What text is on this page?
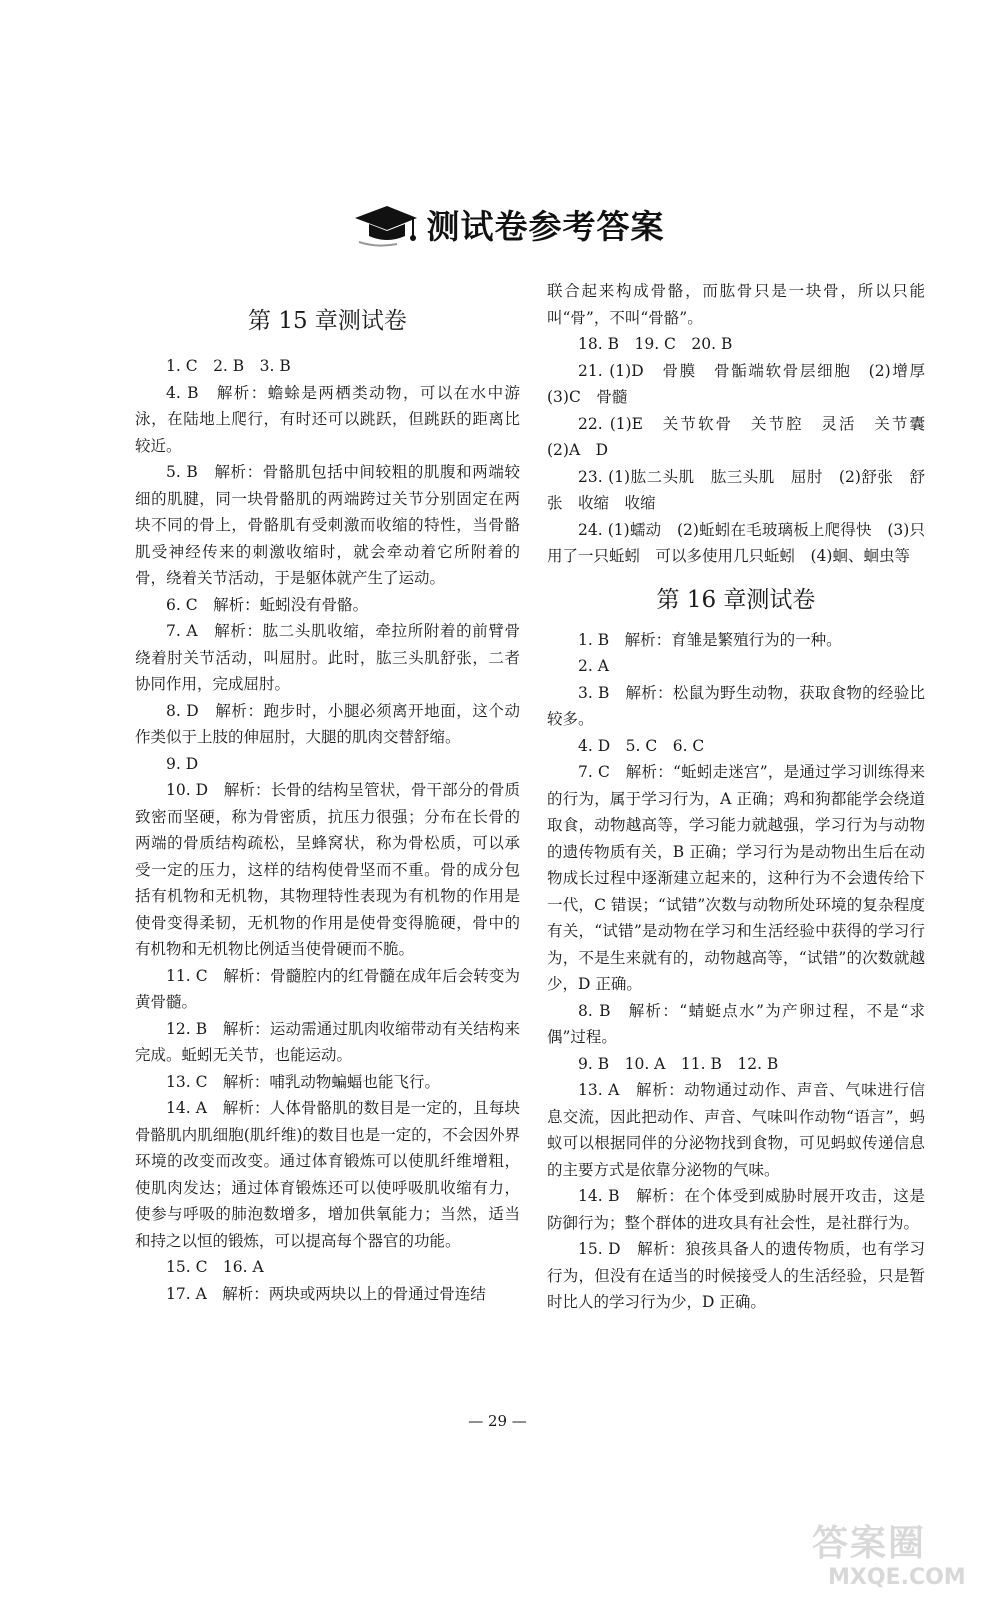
测试卷参考答案
第 15 章测试卷

1. C　2. B　3. B

4. B　解析：蟾蜍是两栖类动物，可以在水中游泳，在陆地上爬行，有时还可以跳跃，但跳跃的距离比较近。

5. B　解析：骨骼肌包括中间较粗的肌腹和两端较细的肌腱，同一块骨骼肌的两端跨过关节分别固定在两块不同的骨上，骨骼肌有受刺激而收缩的特性，当骨骼肌受神经传来的刺激收缩时，就会牵动着它所附着的骨，绕着关节活动，于是躯体就产生了运动。

6. C　解析：蚯蚓没有骨骼。

7. A　解析：肱二头肌收缩，牵拉所附着的前臂骨绕着肘关节活动，叫屈肘。此时，肱三头肌舒张，二者协同作用，完成屈肘。

8. D　解析：跑步时，小腿必须离开地面，这个动作类似于上肢的伸屈肘，大腿的肌肉交替舒缩。

9. D

10. D　解析：长骨的结构呈管状，骨干部分的骨质致密而坚硬，称为骨密质，抗压力很强；分布在长骨的两端的骨质结构疏松，呈蜂窝状，称为骨松质，可以承受一定的压力，这样的结构使骨坚而不重。骨的成分包括有机物和无机物，其物理特性表现为有机物的作用是使骨变得柔韧，无机物的作用是使骨变得脆硬，骨中的有机物和无机物比例适当使骨硬而不脆。

11. C　解析：骨髓腔内的红骨髓在成年后会转变为黄骨髓。

12. B　解析：运动需通过肌肉收缩带动有关结构来完成。蚯蚓无关节，也能运动。

13. C　解析：哺乳动物蝙蝠也能飞行。

14. A　解析：人体骨骼肌的数目是一定的，且每块骨骼肌内肌细胞(肌纤维)的数目也是一定的，不会因外界环境的改变而改变。通过体育锻炼可以使肌纤维增粗，使肌肉发达；通过体育锻炼还可以使呼吸肌收缩有力，使参与呼吸的肺泡数增多，增加供氧能力；当然，适当和持之以恒的锻炼，可以提高每个器官的功能。

15. C　16. A

17. A　解析：两块或两块以上的骨通过骨连结

联合起来构成骨骼，而肱骨只是一块骨，所以只能叫“骨”，不叫“骨骼”。

18. B　19. C　20. B

21. (1)D　骨膜　骨骺端软骨层细胞　(2)增厚　(3)C　骨髓

22. (1)E　关节软骨　关节腔　灵活　关节囊　(2)A　D

23. (1)肱二头肌　肱三头肌　屈肘　(2)舒张　舒张　收缩　收缩

24. (1)蠕动　(2)蚯蚓在毛玻璃板上爬得快　(3)只用了一只蚯蚓　可以多使用几只蚯蚓　(4)蛔、蛔虫等

第 16 章测试卷

1. B　解析：育雏是繁殖行为的一种。

2. A

3. B　解析：松鼠为野生动物，获取食物的经验比较多。

4. D　5. C　6. C

7. C　解析：“蚯蚓走迷宫”，是通过学习训练得来的行为，属于学习行为，A 正确；鸡和狗都能学会绕道取食，动物越高等，学习能力就越强，学习行为与动物的遗传物质有关，B 正确；学习行为是动物出生后在动物成长过程中逐渐建立起来的，这种行为不会遗传给下一代，C 错误；“试错”次数与动物所处环境的复杂程度有关，“试错”是动物在学习和生活经验中获得的学习行为，不是生来就有的，动物越高等，“试错”的次数就越少，D 正确。

8. B　解析：“蜻蜓点水”为产卵过程，不是“求偶”过程。

9. B　10. A　11. B　12. B

13. A　解析：动物通过动作、声音、气味进行信息交流，因此把动作、声音、气味叫作动物“语言”，蚂蚁可以根据同伴的分泌物找到食物，可见蚂蚁传递信息的主要方式是依靠分泌物的气味。

14. B　解析：在个体受到威胁时展开攻击，这是防御行为；整个群体的进攻具有社会性，是社群行为。

15. D　解析：狼孩具备人的遗传物质，也有学习行为，但没有在适当的时候接受人的生活经验，只是暂时比人的学习行为少，D 正确。

— 29 —
答案圈
MXQE.COM
